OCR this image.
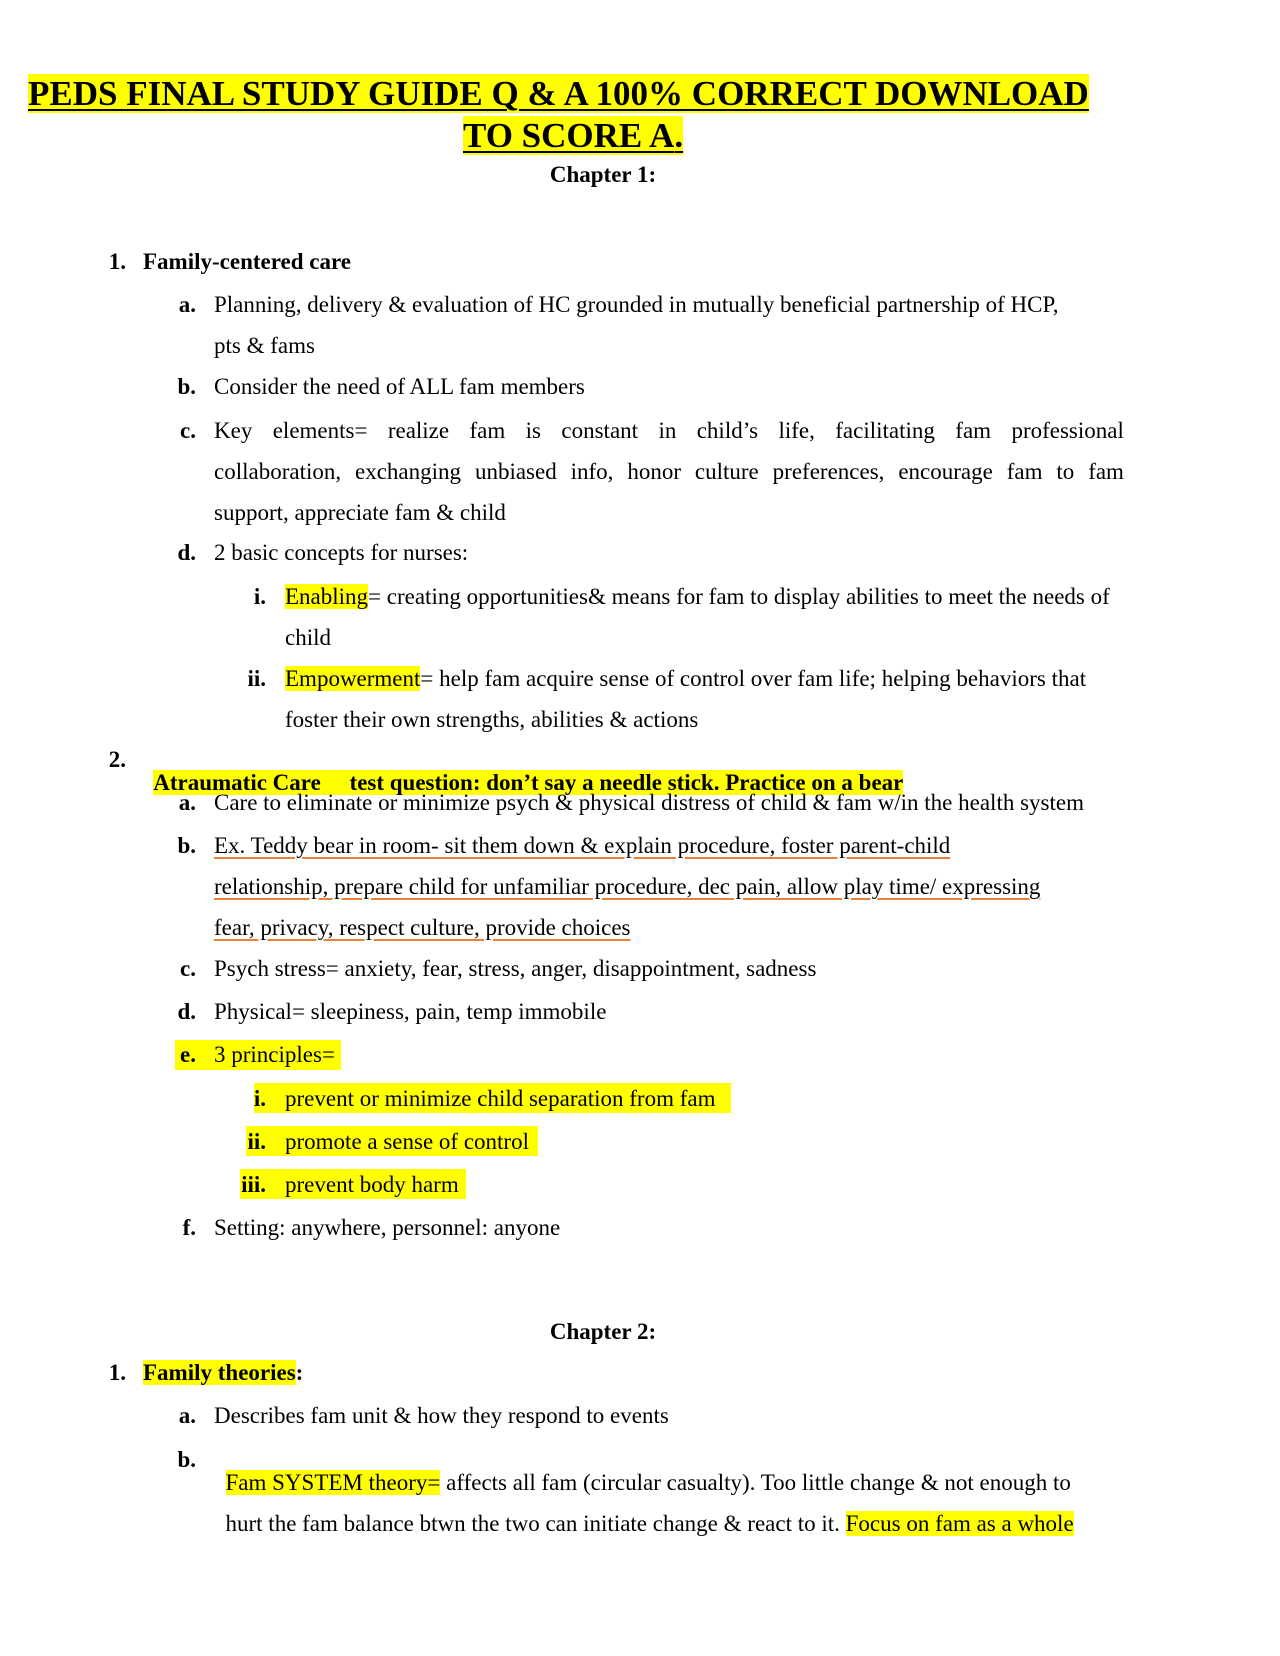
PEDS FINAL STUDY GUIDE Q & A 100% CORRECT DOWNLOAD
TO SCORE A.
Chapter 1:
1. Family-centered care
a. Planning, delivery & evaluation of HC grounded in mutually beneficial partnership of HCP,
pts & fams
b. Consider the need of ALL fam members
c. Key elements= realize fam is constant in child’s life, facilitating fam professional
collaboration, exchanging unbiased info, honor culture preferences, encourage fam to fam
support, appreciate fam & child
d. 2 basic concepts for nurses:
i. Enabling= creating opportunities& means for fam to display abilities to meet the needs of
child
ii. Empowerment= help fam acquire sense of control over fam life; helping behaviors that
foster their own strengths, abilities & actions
2.

Atraumatic Care     test question: don’t say a needle stick. Practice on a bear

a. Care to eliminate or minimize psych & physical distress of child & fam w/in the health system
b. Ex. Teddy bear in room- sit them down & explain procedure, foster parent-child
relationship, prepare child for unfamiliar procedure, dec pain, allow play time/ expressing
fear, privacy, respect culture, provide choices
c. Psych stress= anxiety, fear, stress, anger, disappointment, sadness
d. Physical= sleepiness, pain, temp immobile
e. 3 principles=
i. prevent or minimize child separation from fam
ii. promote a sense of control
iii. prevent body harm
f. Setting: anywhere, personnel: anyone
Chapter 2:
1. Family theories:
a. Describes fam unit & how they respond to events
b.

Fam SYSTEM theory= affects all fam (circular casualty). Too little change & not enough to

hurt the fam balance btwn the two can initiate change & react to it. Focus on fam as a whole
